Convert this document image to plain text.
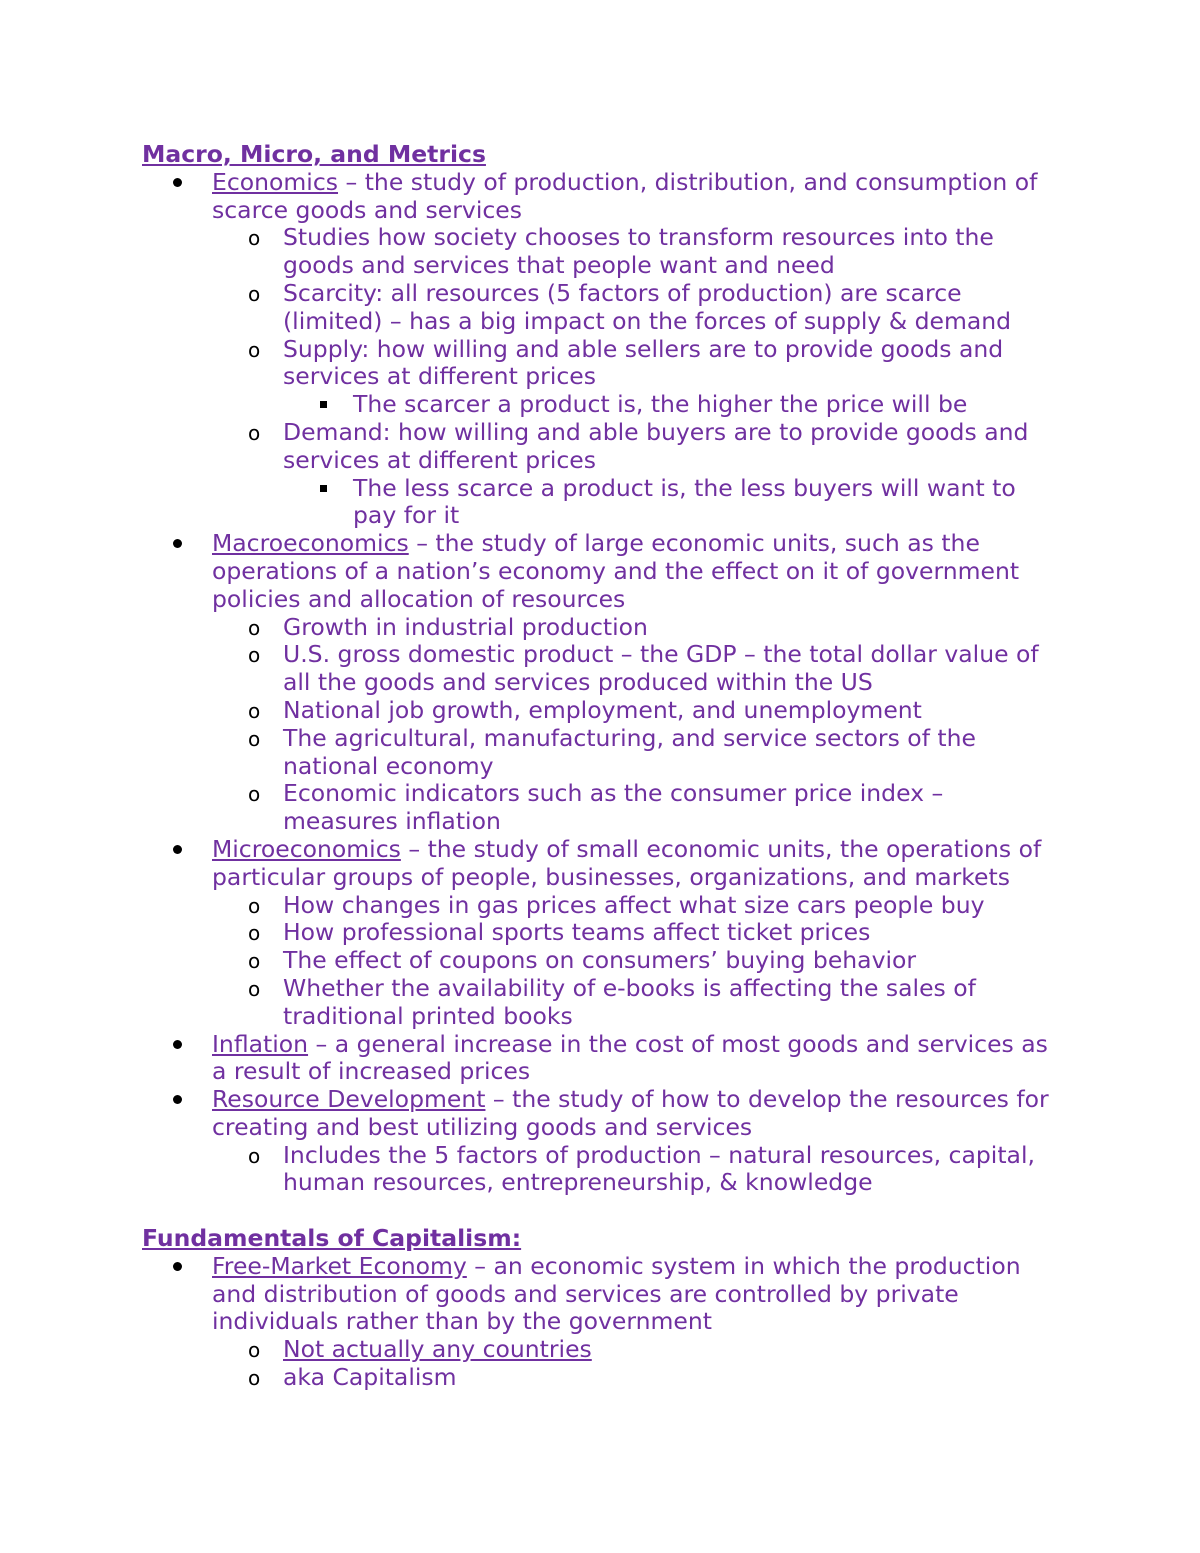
Macro, Micro, and Metrics
Economics – the study of production, distribution, and consumption of scarce goods and services
o Studies how society chooses to transform resources into the goods and services that people want and need
o Scarcity: all resources (5 factors of production) are scarce (limited) – has a big impact on the forces of supply & demand
o Supply: how willing and able sellers are to provide goods and services at different prices
The scarcer a product is, the higher the price will be
o Demand: how willing and able buyers are to provide goods and services at different prices
The less scarce a product is, the less buyers will want to pay for it
Macroeconomics – the study of large economic units, such as the operations of a nation’s economy and the effect on it of government policies and allocation of resources
o Growth in industrial production
o U.S. gross domestic product – the GDP – the total dollar value of all the goods and services produced within the US
o National job growth, employment, and unemployment
o The agricultural, manufacturing, and service sectors of the national economy
o Economic indicators such as the consumer price index – measures inflation
Microeconomics – the study of small economic units, the operations of particular groups of people, businesses, organizations, and markets
o How changes in gas prices affect what size cars people buy
o How professional sports teams affect ticket prices
o The effect of coupons on consumers’ buying behavior
o Whether the availability of e-books is affecting the sales of traditional printed books
Inflation – a general increase in the cost of most goods and services as a result of increased prices
Resource Development – the study of how to develop the resources for creating and best utilizing goods and services
o Includes the 5 factors of production – natural resources, capital, human resources, entrepreneurship, & knowledge
Fundamentals of Capitalism:
Free-Market Economy – an economic system in which the production and distribution of goods and services are controlled by private individuals rather than by the government
o Not actually any countries
o aka Capitalism
